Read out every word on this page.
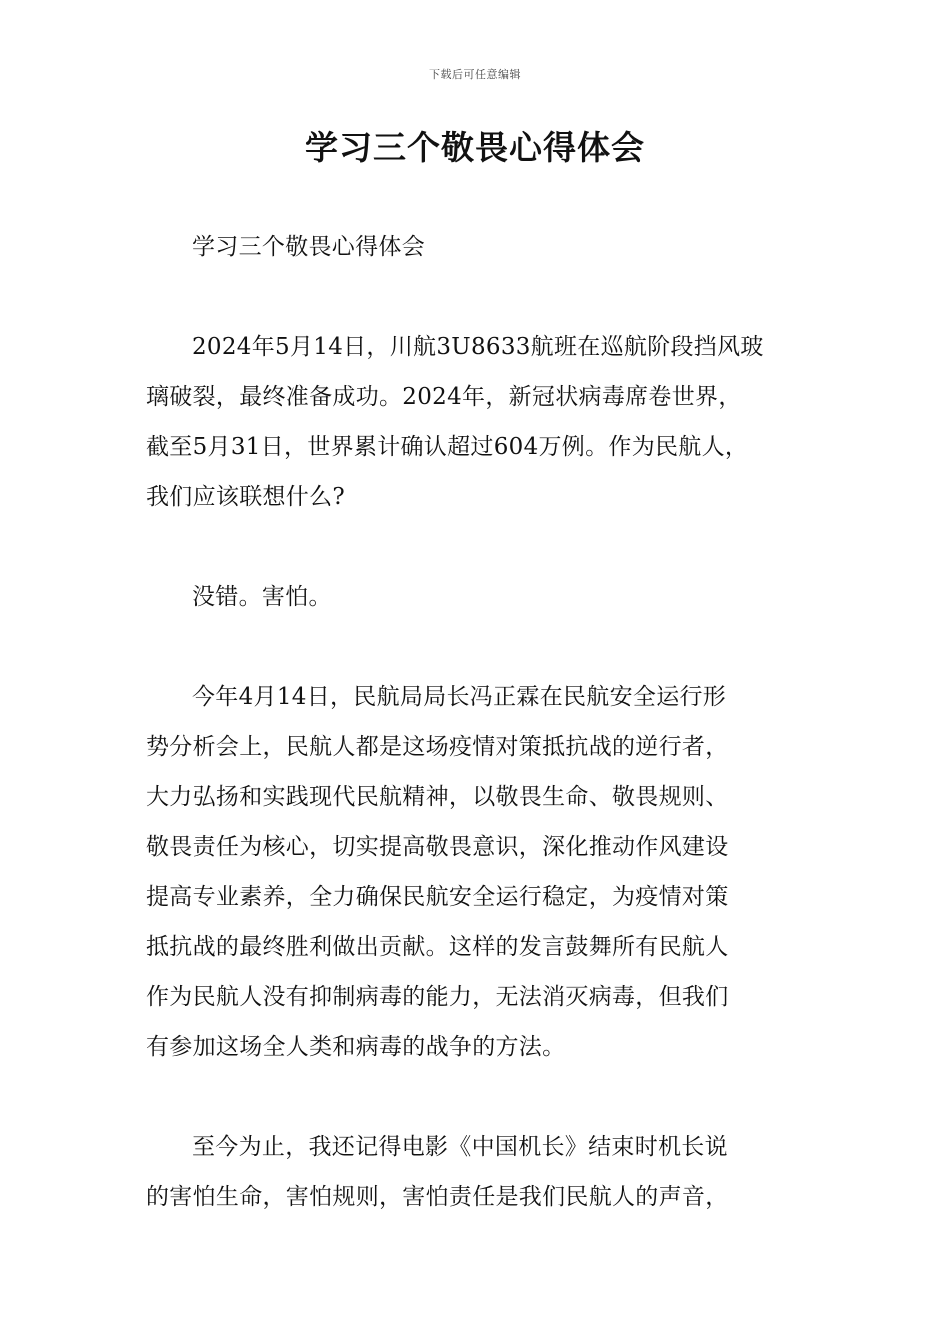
下载后可任意编辑
学习三个敬畏心得体会

学习三个敬畏心得体会

2024年5月14日，川航3U8633航班在巡航阶段挡风玻
璃破裂，最终准备成功。2024年，新冠状病毒席卷世界，
截至5月31日，世界累计确认超过604万例。作为民航人，
我们应该联想什么?

没错。害怕。

今年4月14日，民航局局长冯正霖在民航安全运行形
势分析会上，民航人都是这场疫情对策抵抗战的逆行者，
大力弘扬和实践现代民航精神，以敬畏生命、敬畏规则、
敬畏责任为核心，切实提高敬畏意识，深化推动作风建设
提高专业素养，全力确保民航安全运行稳定，为疫情对策
抵抗战的最终胜利做出贡献。这样的发言鼓舞所有民航人
作为民航人没有抑制病毒的能力，无法消灭病毒，但我们
有参加这场全人类和病毒的战争的方法。

至今为止，我还记得电影《中国机长》结束时机长说
的害怕生命，害怕规则，害怕责任是我们民航人的声音，
